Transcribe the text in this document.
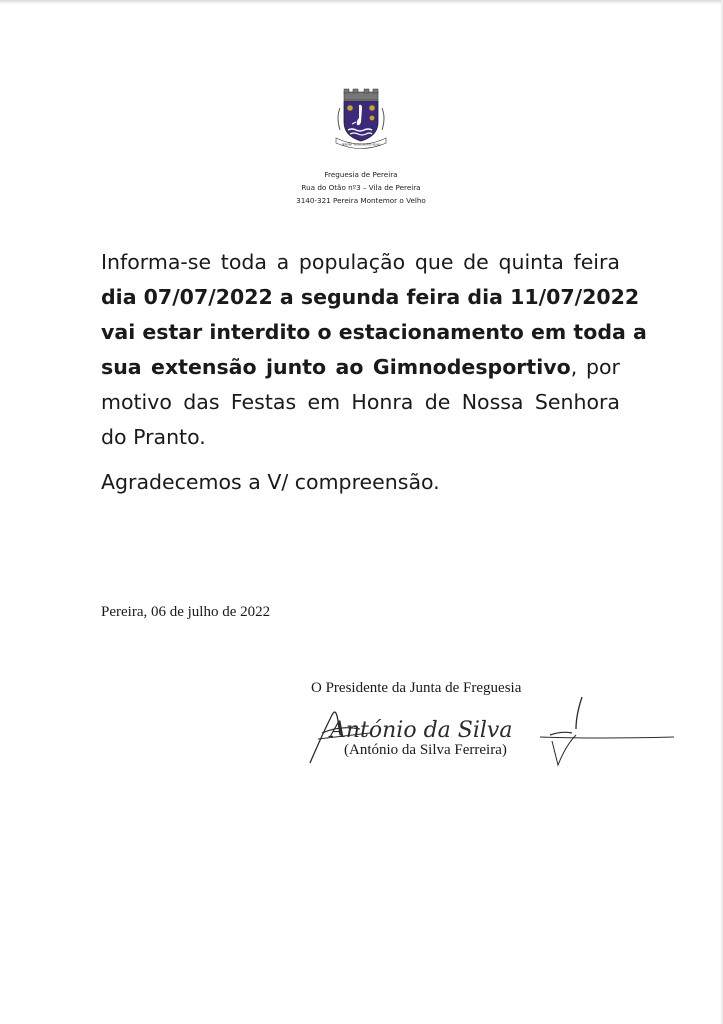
PEREIRA · MONTEMOR-O-VELHO
Freguesia de Pereira
Rua do Otão nº3 – Vila de Pereira
3140-321 Pereira Montemor o Velho
Informa-se toda a população que de quinta feira
dia 07/07/2022 a segunda feira dia 11/07/2022
vai estar interdito o estacionamento em toda a
sua extensão junto ao Gimnodesportivo, por
motivo das Festas em Honra de Nossa Senhora
do Pranto.
Agradecemos a V/ compreensão.
Pereira, 06 de julho de 2022
O Presidente da Junta de Freguesia
António da Silva
(António da Silva Ferreira)
